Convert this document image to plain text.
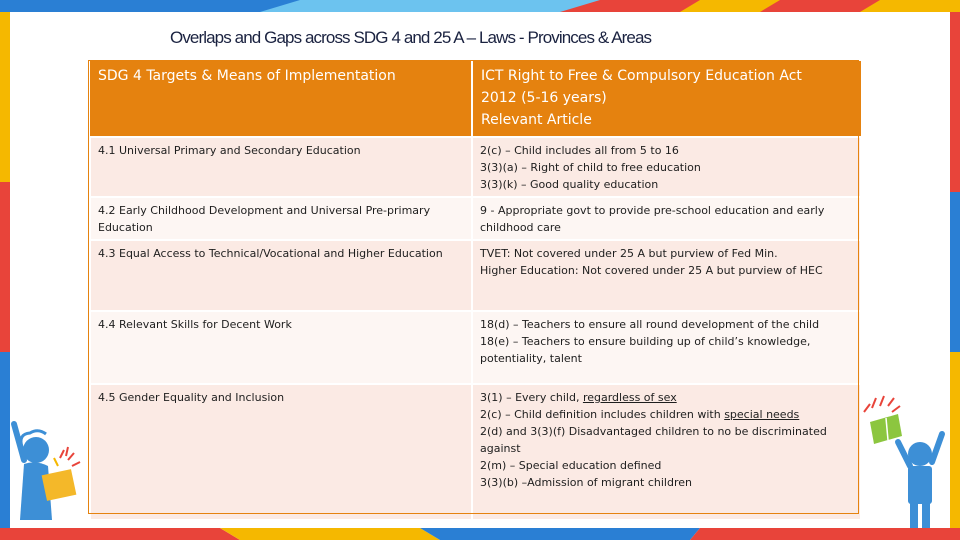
Overlaps and Gaps across SDG 4 and 25 A – Laws - Provinces & Areas
SDG 4 Targets & Means of Implementation	ICT Right to Free & Compulsory Education Act
2012 (5-16 years)
Relevant Article

4.1 Universal Primary and Secondary Education	2(c) – Child includes all from 5 to 16
3(3)(a) – Right of child to free education
3(3)(k) – Good quality education

4.2 Early Childhood Development and Universal Pre-primary Education	9 - Appropriate govt to provide pre-school education and early childhood care
4.3 Equal Access to Technical/Vocational and Higher Education	TVET: Not covered under 25 A but purview of Fed Min.
Higher Education: Not covered under 25 A but purview of HEC

4.4 Relevant Skills for Decent Work	18(d) – Teachers to ensure all round development of the child
18(e) – Teachers to ensure building up of child’s knowledge, potentiality, talent
4.5 Gender Equality and Inclusion	3(1) – Every child, regardless of sex
2(c) – Child definition includes children with special needs
2(d) and 3(3)(f) Disadvantaged children to no be discriminated against
2(m) – Special education defined
3(3)(b) –Admission of migrant children
